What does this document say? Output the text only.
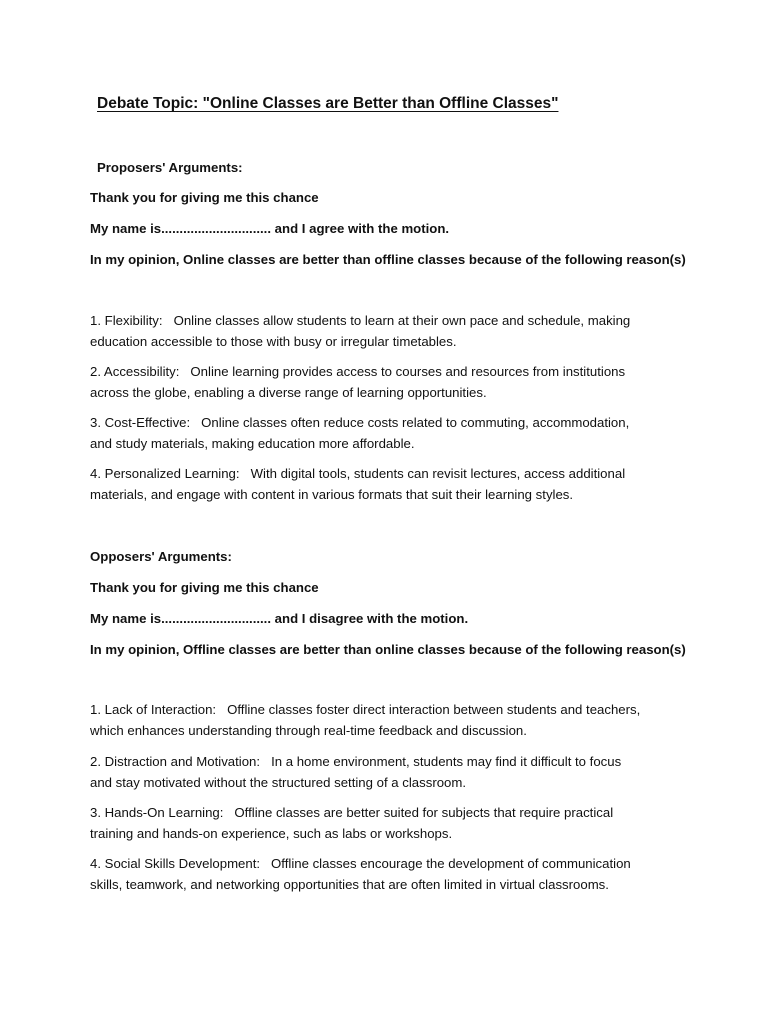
Debate Topic: "Online Classes are Better than Offline Classes"
Proposers' Arguments:
Thank you for giving me this chance
My name is.............................. and I agree with the motion.
In my opinion, Online classes are better than offline classes because of the following reason(s)
1. Flexibility: Online classes allow students to learn at their own pace and schedule, making
education accessible to those with busy or irregular timetables.
2. Accessibility: Online learning provides access to courses and resources from institutions
across the globe, enabling a diverse range of learning opportunities.
3. Cost-Effective: Online classes often reduce costs related to commuting, accommodation,
and study materials, making education more affordable.
4. Personalized Learning: With digital tools, students can revisit lectures, access additional
materials, and engage with content in various formats that suit their learning styles.
Opposers' Arguments:
Thank you for giving me this chance
My name is.............................. and I disagree with the motion.
In my opinion, Offline classes are better than online classes because of the following reason(s)
1. Lack of Interaction: Offline classes foster direct interaction between students and teachers,
which enhances understanding through real-time feedback and discussion.
2. Distraction and Motivation: In a home environment, students may find it difficult to focus
and stay motivated without the structured setting of a classroom.
3. Hands-On Learning: Offline classes are better suited for subjects that require practical
training and hands-on experience, such as labs or workshops.
4. Social Skills Development: Offline classes encourage the development of communication
skills, teamwork, and networking opportunities that are often limited in virtual classrooms.
